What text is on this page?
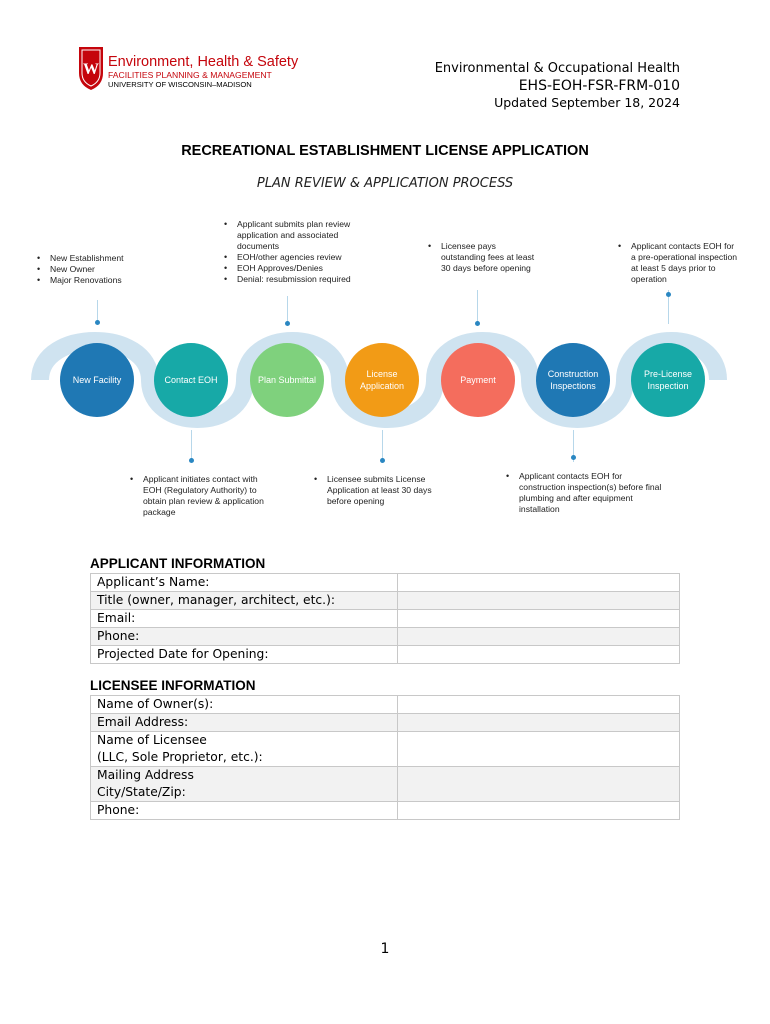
W Environment, Health & Safety
FACILITIES PLANNING & MANAGEMENT
UNIVERSITY OF WISCONSIN–MADISON
Environmental & Occupational Health
EHS-EOH-FSR-FRM-010
Updated September 18, 2024
RECREATIONAL ESTABLISHMENT LICENSE APPLICATION
PLAN REVIEW & APPLICATION PROCESS
New Facility	Contact EOH	Plan Submittal
License Application
Payment
Construction Inspections
Pre-License Inspection
• New Establishment
• New Owner
• Major Renovations
• Applicant submits plan review application and associated documents
• EOH/other agencies review
• EOH Approves/Denies
• Denial: resubmission required
• Licensee pays outstanding fees at least 30 days before opening
• Applicant contacts EOH for a pre-operational inspection at least 5 days prior to operation
• Applicant initiates contact with EOH (Regulatory Authority) to obtain plan review & application package
• Licensee submits License Application at least 30 days before opening
• Applicant contacts EOH for construction inspection(s) before final plumbing and after equipment installation
APPLICANT INFORMATION
Applicant’s Name:	
Title (owner, manager, architect, etc.):	
Email:	
Phone:	
Projected Date for Opening:	
LICENSEE INFORMATION
Name of Owner(s):	
Email Address:	
Name of Licensee
(LLC, Sole Proprietor, etc.):	
Mailing Address
City/State/Zip:	
Phone:	
1
